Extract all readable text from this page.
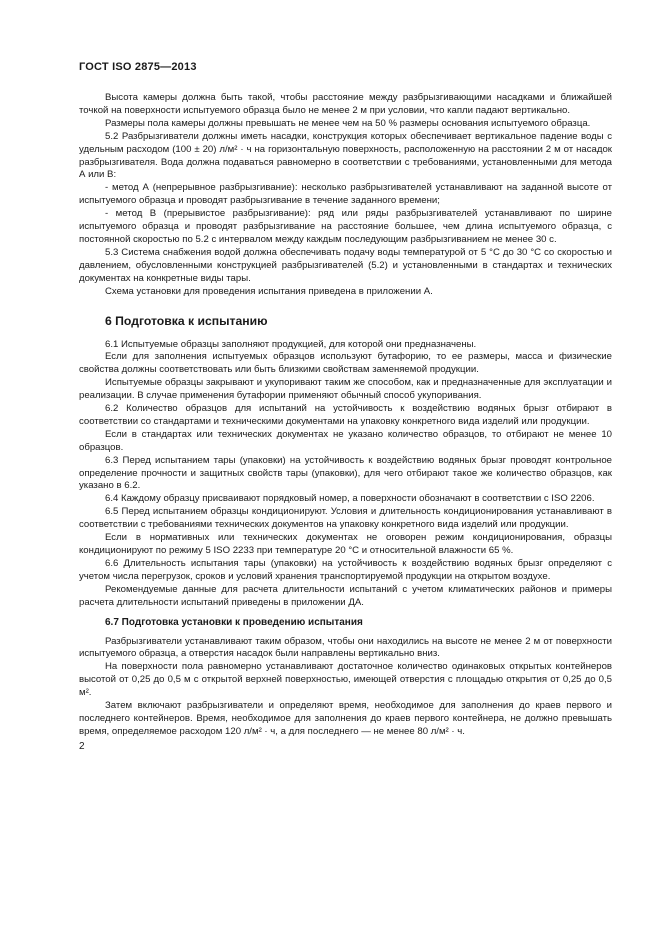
ГОСТ ISO 2875—2013

Высота камеры должна быть такой, чтобы расстояние между разбрызгивающими насадками и ближайшей точкой на поверхности испытуемого образца было не менее 2 м при условии, что капли падают вертикально.

Размеры пола камеры должны превышать не менее чем на 50 % размеры основания испытуемого образца.

5.2 Разбрызгиватели должны иметь насадки, конструкция которых обеспечивает вертикальное падение воды с удельным расходом (100 ± 20) л/м² · ч на горизонтальную поверхность, расположенную на расстоянии 2 м от насадок разбрызгивателя. Вода должна подаваться равномерно в соответствии с требованиями, установленными для метода А или В:

- метод А (непрерывное разбрызгивание): несколько разбрызгивателей устанавливают на заданной высоте от испытуемого образца и проводят разбрызгивание в течение заданного времени;

- метод В (прерывистое разбрызгивание): ряд или ряды разбрызгивателей устанавливают по ширине испытуемого образца и проводят разбрызгивание на расстояние большее, чем длина испытуемого образца, с постоянной скоростью по 5.2 с интервалом между каждым последующим разбрызгиванием не менее 30 с.

5.3 Система снабжения водой должна обеспечивать подачу воды температурой от 5 °С до 30 °С со скоростью и давлением, обусловленными конструкцией разбрызгивателей (5.2) и установленными в стандартах и технических документах на конкретные виды тары.

Схема установки для проведения испытания приведена в приложении А.

6 Подготовка к испытанию

6.1 Испытуемые образцы заполняют продукцией, для которой они предназначены.

Если для заполнения испытуемых образцов используют бутафорию, то ее размеры, масса и физические свойства должны соответствовать или быть близкими свойствам заменяемой продукции.

Испытуемые образцы закрывают и укупоривают таким же способом, как и предназначенные для эксплуатации и реализации. В случае применения бутафории применяют обычный способ укупоривания.

6.2 Количество образцов для испытаний на устойчивость к воздействию водяных брызг отбирают в соответствии со стандартами и техническими документами на упаковку конкретного вида изделий или продукции.

Если в стандартах или технических документах не указано количество образцов, то отбирают не менее 10 образцов.

6.3 Перед испытанием тары (упаковки) на устойчивость к воздействию водяных брызг проводят контрольное определение прочности и защитных свойств тары (упаковки), для чего отбирают такое же количество образцов, как указано в 6.2.

6.4 Каждому образцу присваивают порядковый номер, а поверхности обозначают в соответствии с ISO 2206.

6.5 Перед испытанием образцы кондиционируют. Условия и длительность кондиционирования устанавливают в соответствии с требованиями технических документов на упаковку конкретного вида изделий или продукции.

Если в нормативных или технических документах не оговорен режим кондиционирования, образцы кондиционируют по режиму 5 ISO 2233 при температуре 20 °С и относительной влажности 65 %.

6.6 Длительность испытания тары (упаковки) на устойчивость к воздействию водяных брызг определяют с учетом числа перегрузок, сроков и условий хранения транспортируемой продукции на открытом воздухе.

Рекомендуемые данные для расчета длительности испытаний с учетом климатических районов и примеры расчета длительности испытаний приведены в приложении ДА.

6.7 Подготовка установки к проведению испытания

Разбрызгиватели устанавливают таким образом, чтобы они находились на высоте не менее 2 м от поверхности испытуемого образца, а отверстия насадок были направлены вертикально вниз.

На поверхности пола равномерно устанавливают достаточное количество одинаковых открытых контейнеров высотой от 0,25 до 0,5 м с открытой верхней поверхностью, имеющей отверстия с площадью открытия от 0,25 до 0,5 м².

Затем включают разбрызгиватели и определяют время, необходимое для заполнения до краев первого и последнего контейнеров. Время, необходимое для заполнения до краев первого контейнера, не должно превышать время, определяемое расходом 120 л/м² · ч, а для последнего — не менее 80 л/м² · ч.

2
